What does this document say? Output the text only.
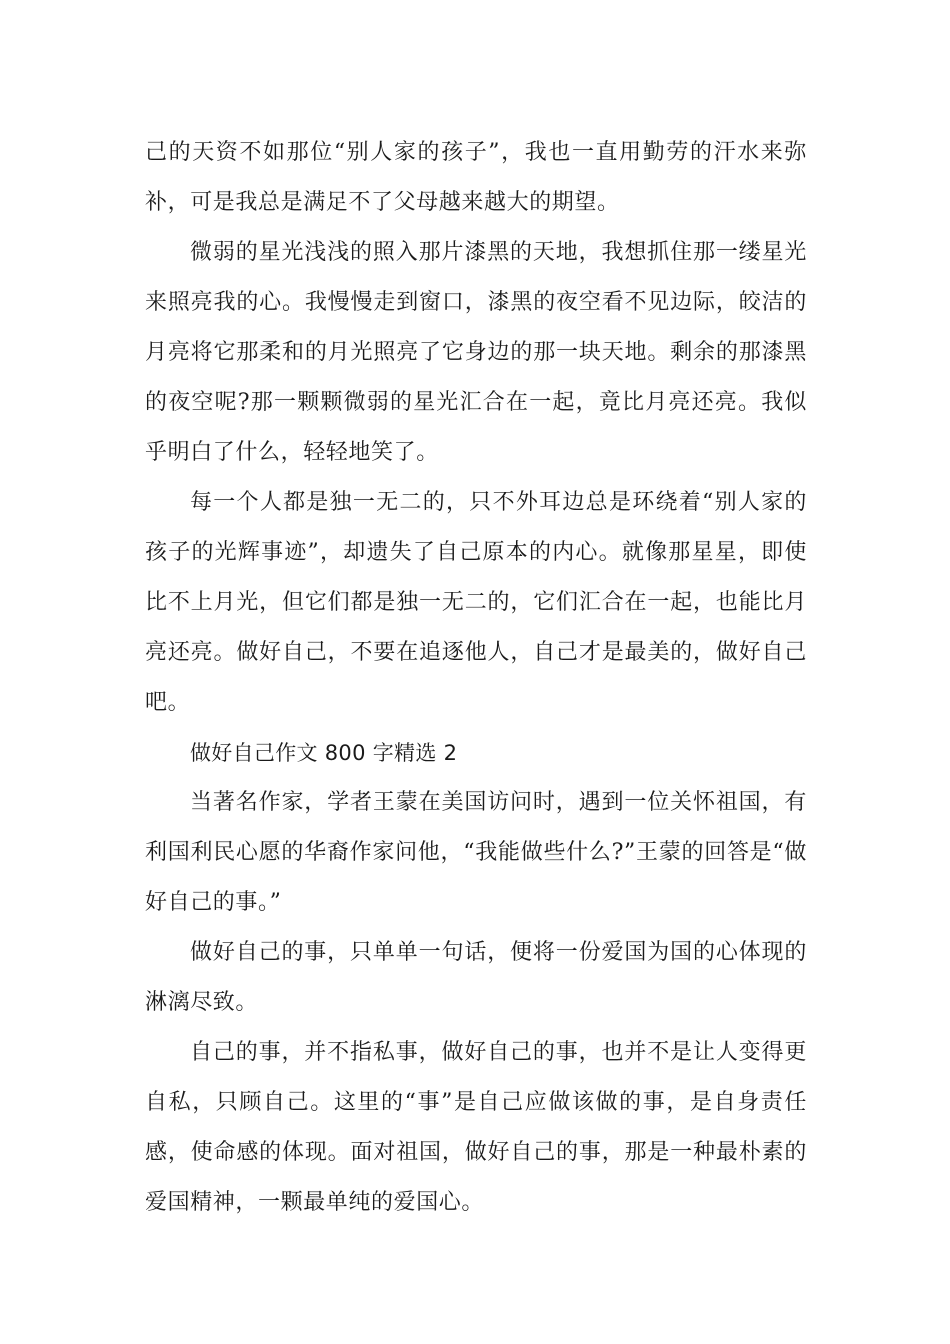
己的天资不如那位“别人家的孩子”，我也一直用勤劳的汗水来弥补，可是我总是满足不了父母越来越大的期望。

微弱的星光浅浅的照入那片漆黑的天地，我想抓住那一缕星光来照亮我的心。我慢慢走到窗口，漆黑的夜空看不见边际，皎洁的月亮将它那柔和的月光照亮了它身边的那一块天地。剩余的那漆黑的夜空呢?那一颗颗微弱的星光汇合在一起，竟比月亮还亮。我似乎明白了什么，轻轻地笑了。

每一个人都是独一无二的，只不外耳边总是环绕着“别人家的孩子的光辉事迹”，却遗失了自己原本的内心。就像那星星，即使比不上月光，但它们都是独一无二的，它们汇合在一起，也能比月亮还亮。做好自己，不要在追逐他人，自己才是最美的，做好自己吧。

做好自己作文 800 字精选 2

当著名作家，学者王蒙在美国访问时，遇到一位关怀祖国，有利国利民心愿的华裔作家问他，“我能做些什么?”王蒙的回答是“做好自己的事。”

做好自己的事，只单单一句话，便将一份爱国为国的心体现的淋漓尽致。

自己的事，并不指私事，做好自己的事，也并不是让人变得更自私，只顾自己。这里的“事”是自己应做该做的事，是自身责任感，使命感的体现。面对祖国，做好自己的事，那是一种最朴素的爱国精神，一颗最单纯的爱国心。
